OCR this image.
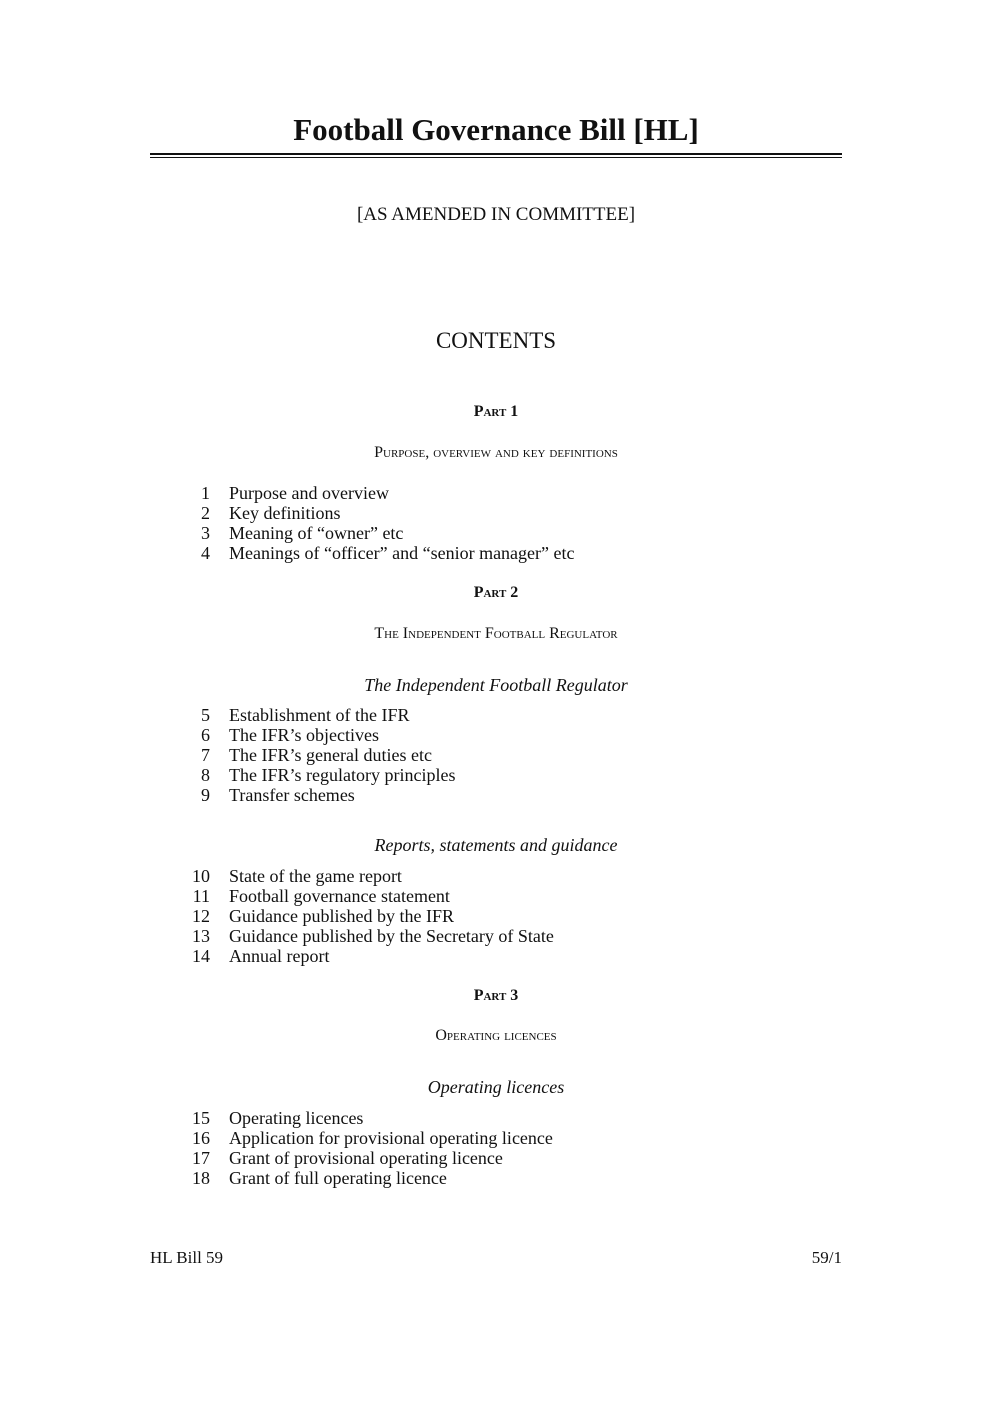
Football Governance Bill [HL]
[AS AMENDED IN COMMITTEE]
CONTENTS
Part 1
Purpose, overview and key definitions
1 Purpose and overview
2 Key definitions
3 Meaning of “owner” etc
4 Meanings of “officer” and “senior manager” etc
Part 2
The Independent Football Regulator
The Independent Football Regulator
5 Establishment of the IFR
6 The IFR’s objectives
7 The IFR’s general duties etc
8 The IFR’s regulatory principles
9 Transfer schemes
Reports, statements and guidance
10 State of the game report
11 Football governance statement
12 Guidance published by the IFR
13 Guidance published by the Secretary of State
14 Annual report
Part 3
Operating licences
Operating licences
15 Operating licences
16 Application for provisional operating licence
17 Grant of provisional operating licence
18 Grant of full operating licence
HL Bill 59	59/1
